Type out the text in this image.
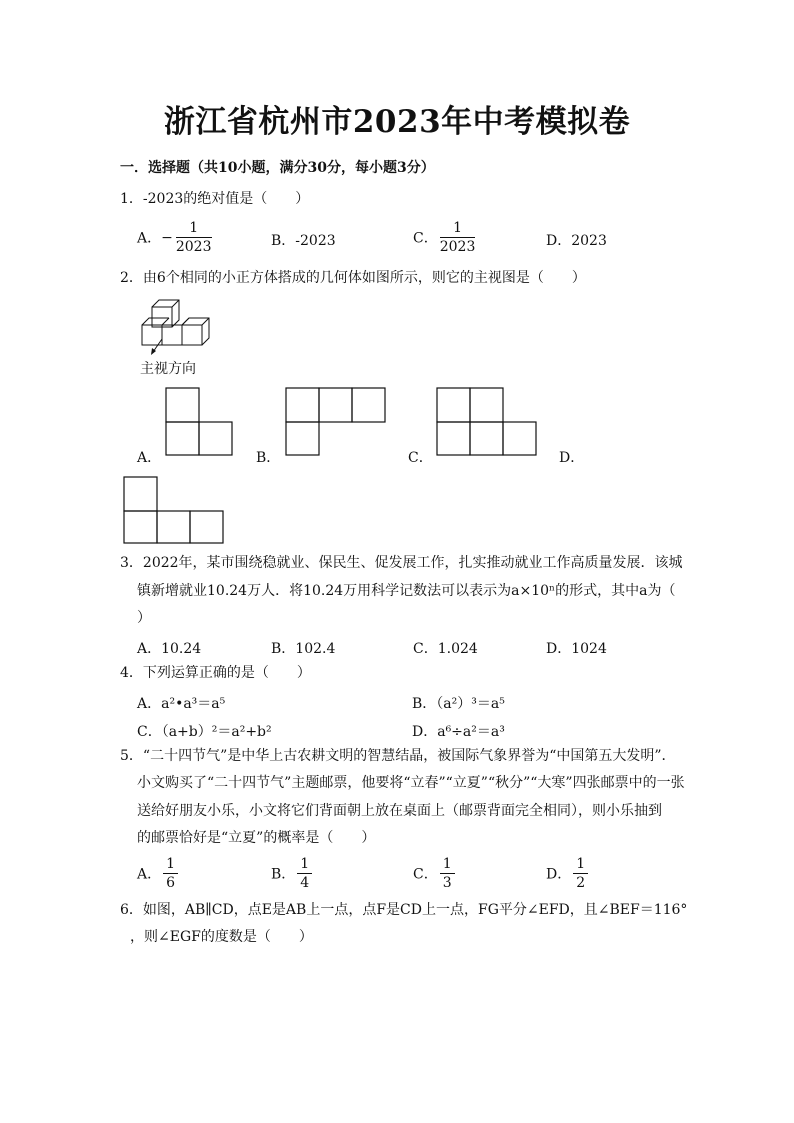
浙江省杭州市2023年中考模拟卷
一．选择题（共10小题，满分30分，每小题3分）
1．-2023的绝对值是（　　）
A．− $\frac{1}{2023}$	B．-2023	C． $\frac{1}{2023}$	D．2023
2．由6个相同的小正方体搭成的几何体如图所示，则它的主视图是（　　）
主视方向
A．	B．	C．	D．
3．2022年，某市围绕稳就业、保民生、促发展工作，扎实推动就业工作高质量发展．该城
镇新增就业10.24万人．将10.24万用科学记数法可以表示为a×10ⁿ的形式，其中a为（
）
A．10.24	B．102.4	C．1.024	D．1024
4．下列运算正确的是（　　）
A．a²•a³＝a⁵	B．（a²）³＝a⁵
C．（a+b）²＝a²+b²	D．a⁶÷a²＝a³
5．“二十四节气”是中华上古农耕文明的智慧结晶，被国际气象界誉为“中国第五大发明”．
小文购买了“二十四节气”主题邮票，他要将“立春”“立夏”“秋分”“大寒”四张邮票中的一张
送给好朋友小乐，小文将它们背面朝上放在桌面上（邮票背面完全相同），则小乐抽到
的邮票恰好是“立夏”的概率是（　　）
A． $\frac{1}{6}$	B． $\frac{1}{4}$	C． $\frac{1}{3}$	D． $\frac{1}{2}$
6．如图，AB∥CD，点E是AB上一点，点F是CD上一点，FG平分∠EFD，且∠BEF＝116°
，则∠EGF的度数是（　　）
